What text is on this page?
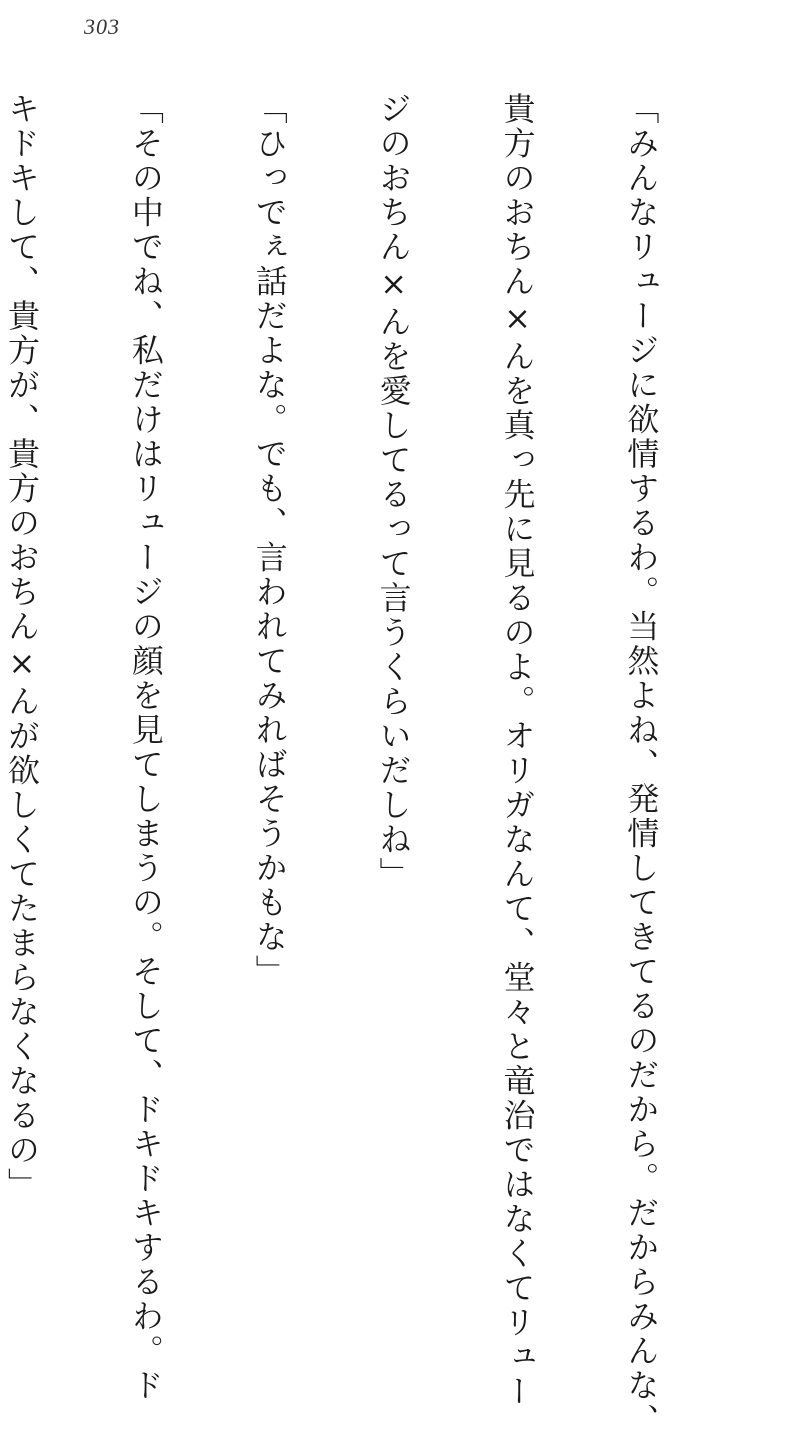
303

「みんなリュージに欲情するわ。当然よね、発情してきてるのだから。だからみんな、

貴方のおちん×んを真っ先に見るのよ。オリガなんて、堂々と竜治ではなくてリュー

ジのおちん×んを愛してるって言うくらいだしね」

「ひっでぇ話だよな。でも、言われてみればそうかもな」

「その中でね、私だけはリュージの顔を見てしまうの。そして、ドキドキするわ。ド

キドキして、貴方が、貴方のおちん×んが欲しくてたまらなくなるの」
